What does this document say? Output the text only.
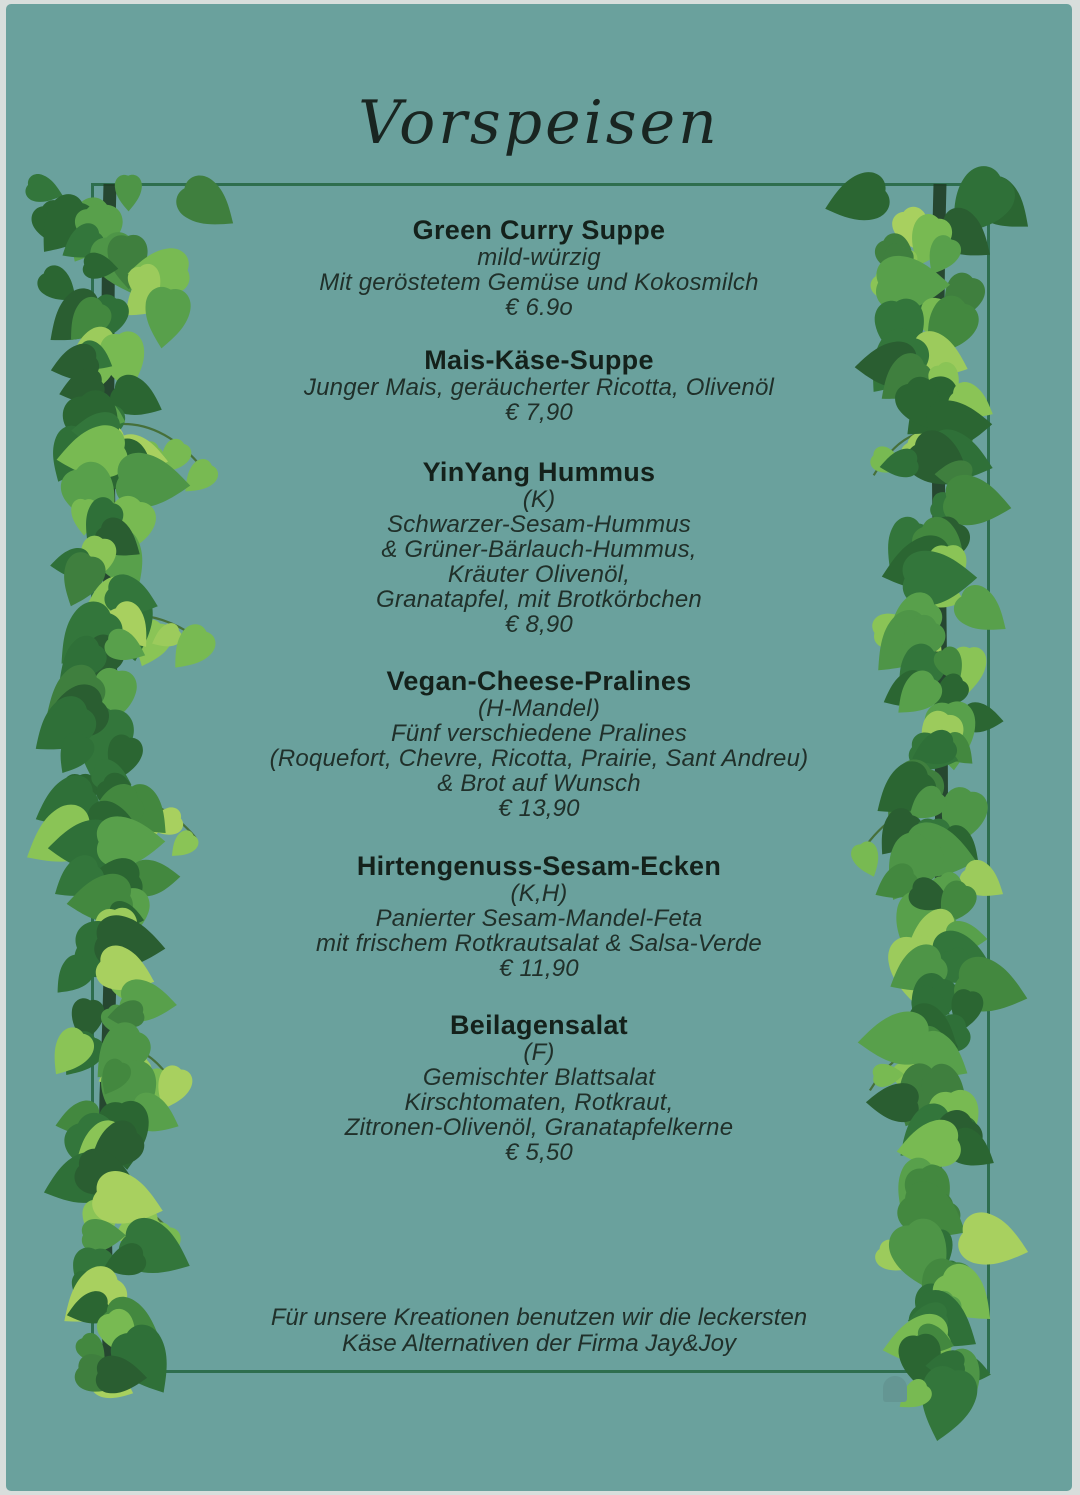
Vorspeisen
Green Curry Suppe
mild-würzig
Mit geröstetem Gemüse und Kokosmilch
€ 6.9o
Mais-Käse-Suppe
Junger Mais, geräucherter Ricotta, Olivenöl
€ 7,90
YinYang Hummus
(K)
Schwarzer-Sesam-Hummus
& Grüner-Bärlauch-Hummus,
Kräuter Olivenöl,
Granatapfel, mit Brotkörbchen
€ 8,90
Vegan-Cheese-Pralines
(H-Mandel)
Fünf verschiedene Pralines
(Roquefort, Chevre, Ricotta, Prairie, Sant Andreu)
& Brot auf Wunsch
€ 13,90
Hirtengenuss-Sesam-Ecken
(K,H)
Panierter Sesam-Mandel-Feta
mit frischem Rotkrautsalat & Salsa-Verde
€ 11,90
Beilagensalat
(F)
Gemischter Blattsalat
Kirschtomaten, Rotkraut,
Zitronen-Olivenöl, Granatapfelkerne
€ 5,50
Für unsere Kreationen benutzen wir die leckersten
Käse Alternativen der Firma Jay&Joy
